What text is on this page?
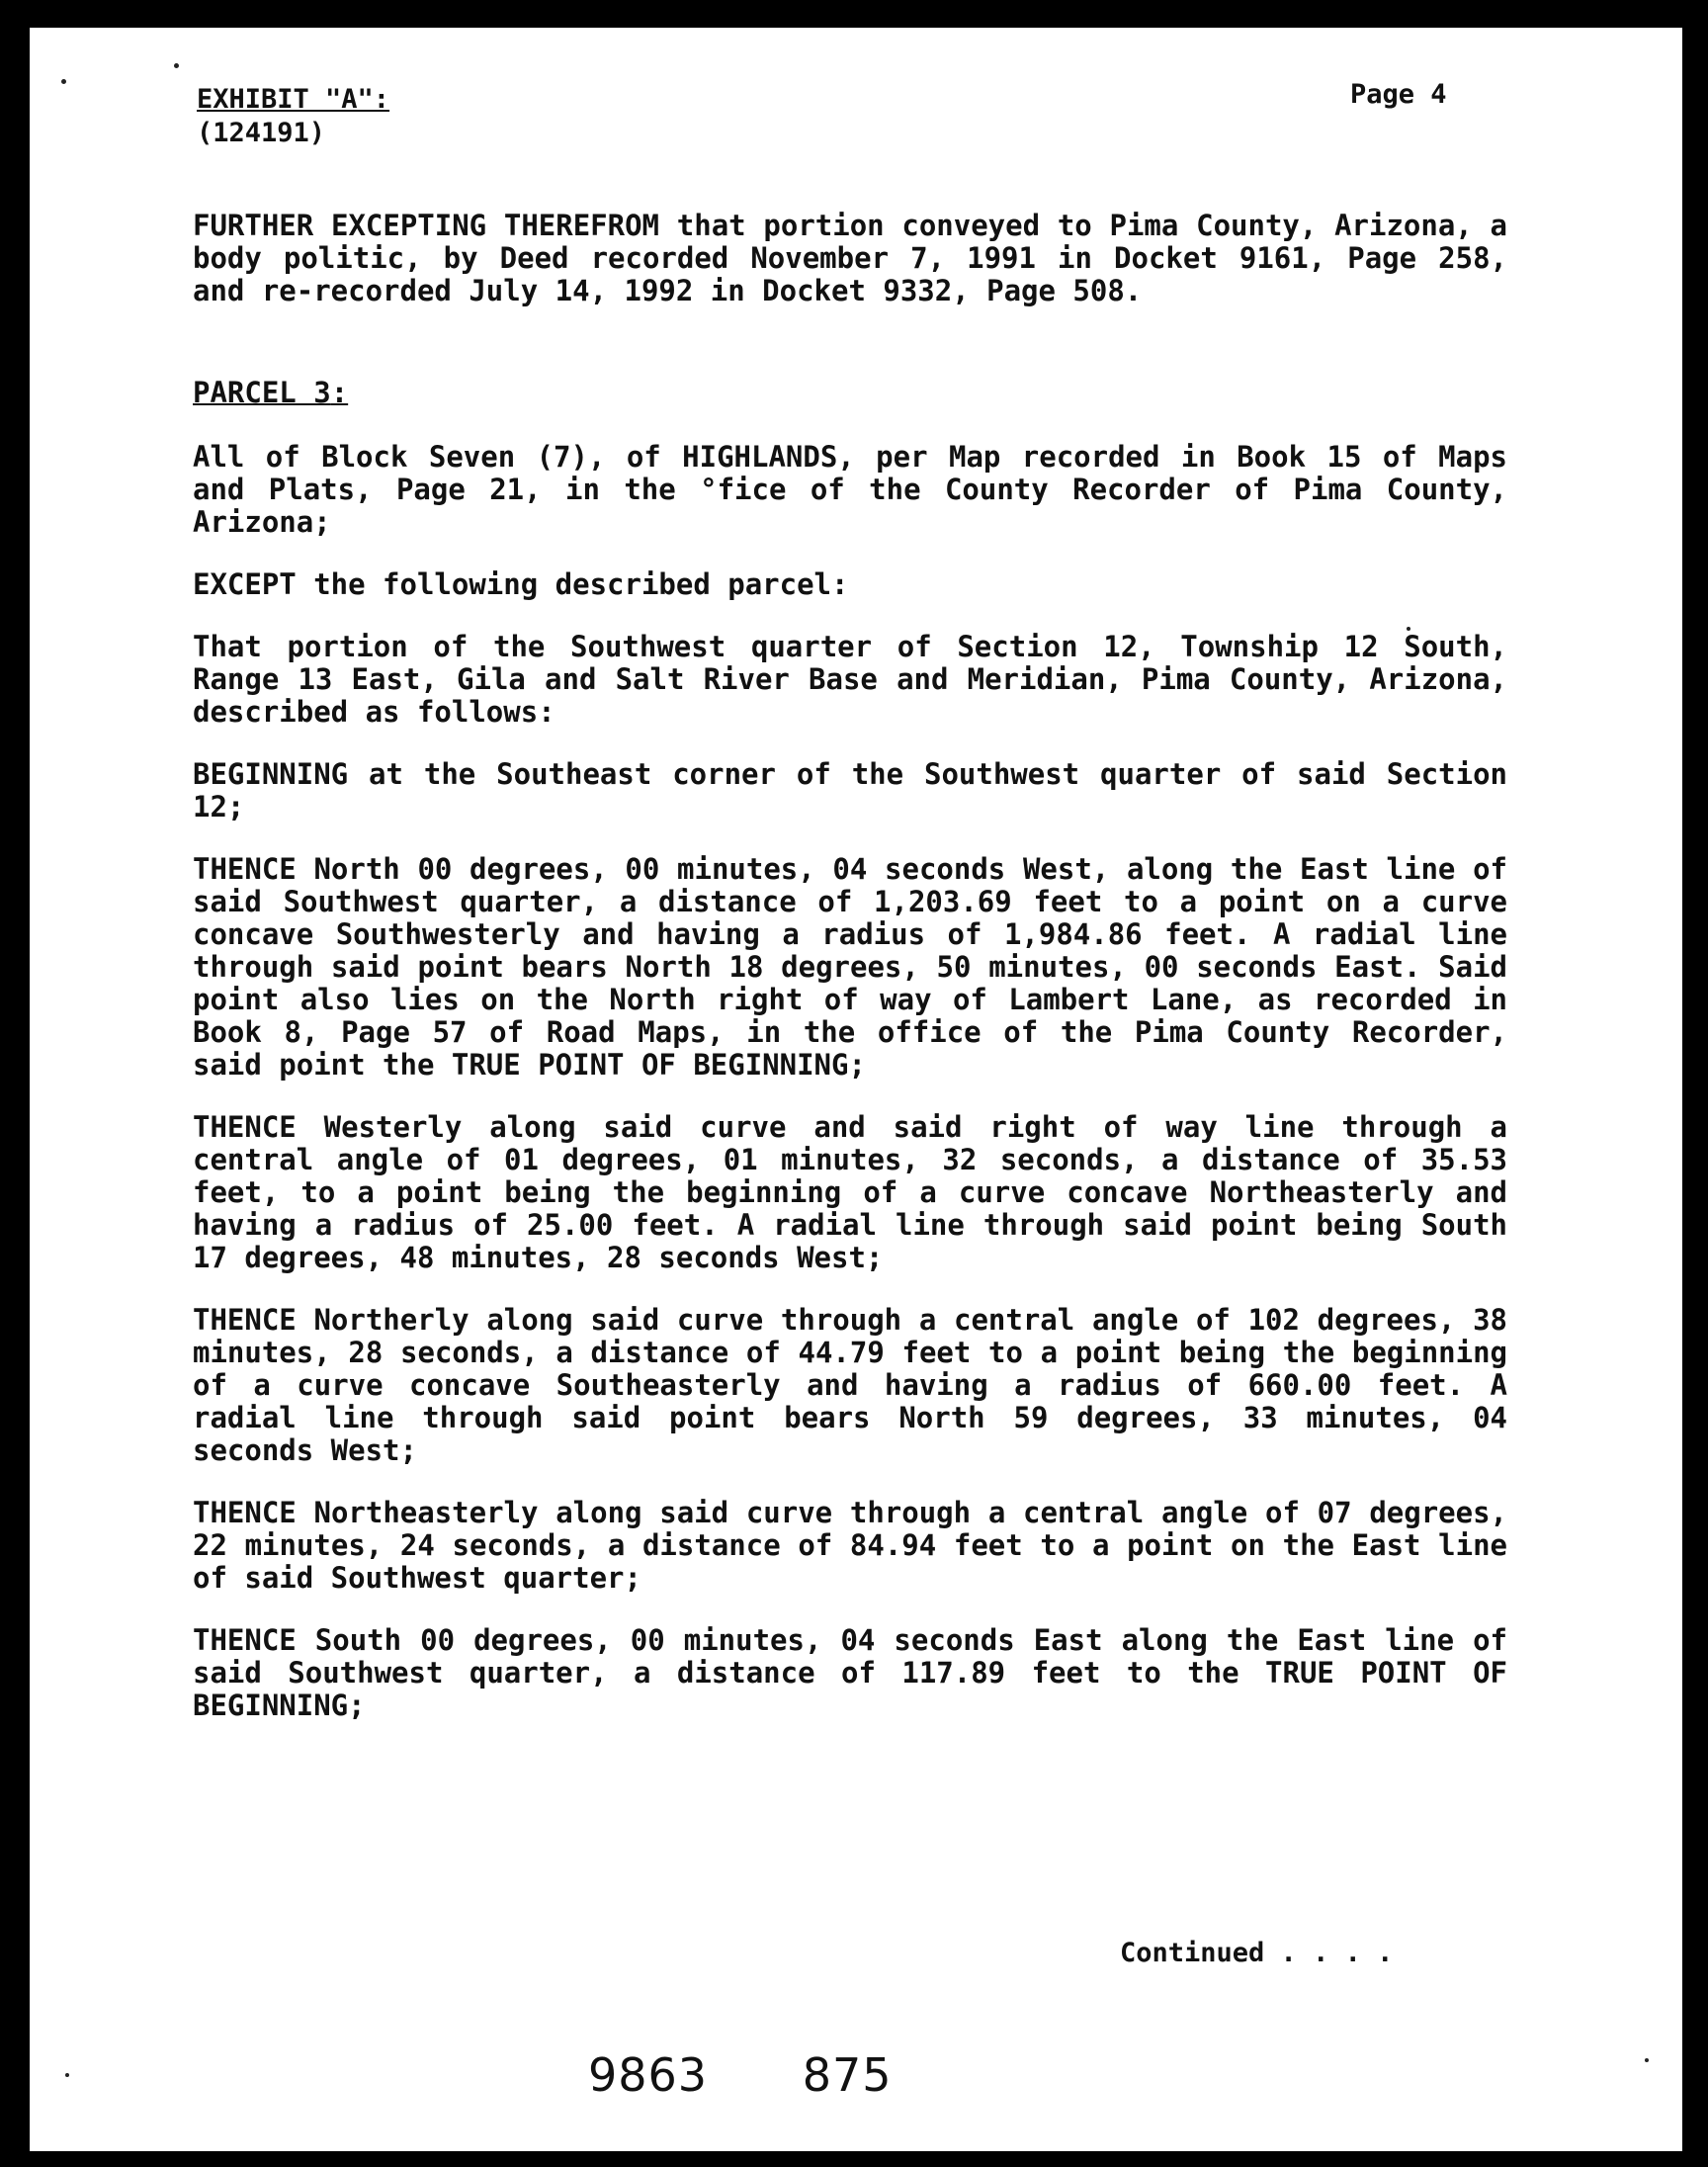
EXHIBIT "A":
(124191)
Page 4

FURTHER EXCEPTING THEREFROM that portion conveyed to Pima County, Arizona, a body politic, by Deed recorded November 7, 1991 in Docket 9161, Page 258, and re-recorded July 14, 1992 in Docket 9332, Page 508.

PARCEL 3:

All of Block Seven (7), of HIGHLANDS, per Map recorded in Book 15 of Maps and Plats, Page 21, in the °fice of the County Recorder of Pima County, Arizona;

EXCEPT the following described parcel:

That portion of the Southwest quarter of Section 12, Township 12 South, Range 13 East, Gila and Salt River Base and Meridian, Pima County, Arizona, described as follows:

BEGINNING at the Southeast corner of the Southwest quarter of said Section 12;

THENCE North 00 degrees, 00 minutes, 04 seconds West, along the East line of said Southwest quarter, a distance of 1,203.69 feet to a point on a curve concave Southwesterly and having a radius of 1,984.86 feet. A radial line through said point bears North 18 degrees, 50 minutes, 00 seconds East. Said point also lies on the North right of way of Lambert Lane, as recorded in Book 8, Page 57 of Road Maps, in the office of the Pima County Recorder, said point the TRUE POINT OF BEGINNING;

THENCE Westerly along said curve and said right of way line through a central angle of 01 degrees, 01 minutes, 32 seconds, a distance of 35.53 feet, to a point being the beginning of a curve concave Northeasterly and having a radius of 25.00 feet. A radial line through said point being South 17 degrees, 48 minutes, 28 seconds West;

THENCE Northerly along said curve through a central angle of 102 degrees, 38 minutes, 28 seconds, a distance of 44.79 feet to a point being the beginning of a curve concave Southeasterly and having a radius of 660.00 feet. A radial line through said point bears North 59 degrees, 33 minutes, 04 seconds West;

THENCE Northeasterly along said curve through a central angle of 07 degrees, 22 minutes, 24 seconds, a distance of 84.94 feet to a point on the East line of said Southwest quarter;

THENCE South 00 degrees, 00 minutes, 04 seconds East along the East line of said Southwest quarter, a distance of 117.89 feet to the TRUE POINT OF BEGINNING;

Continued . . . .
9863 875
